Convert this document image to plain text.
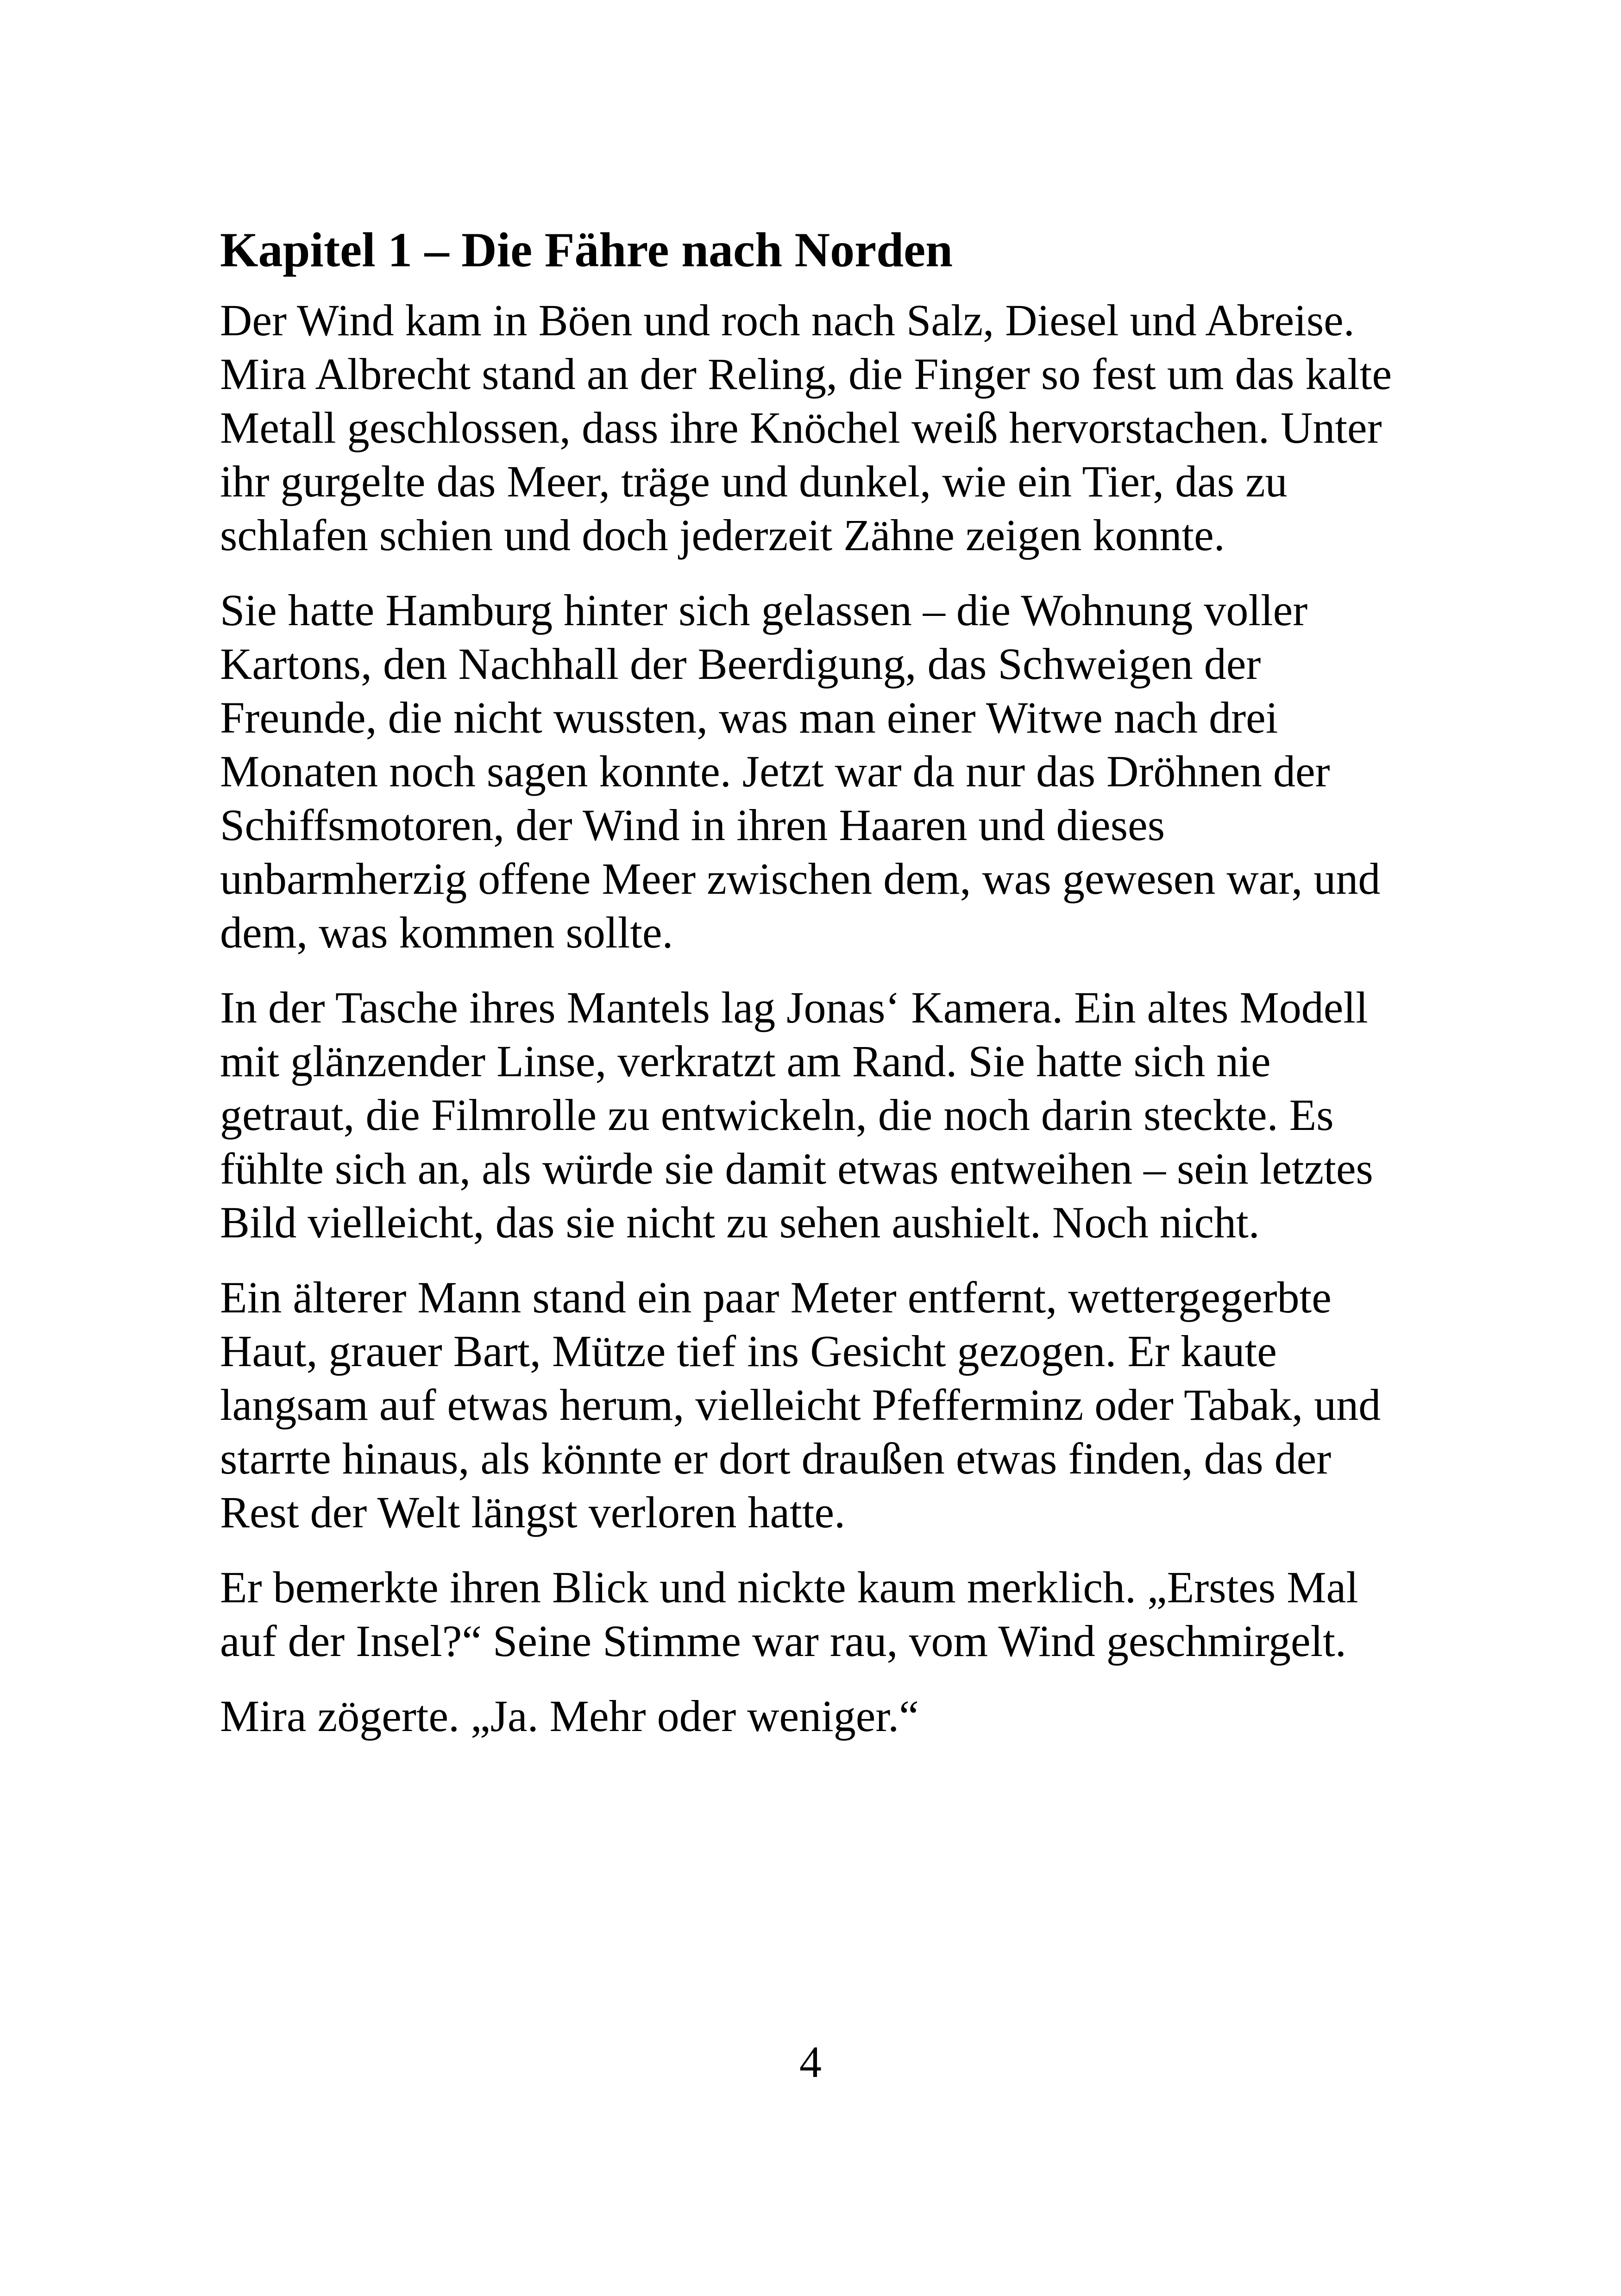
Kapitel 1 – Die Fähre nach Norden

Der Wind kam in Böen und roch nach Salz, Diesel und Abreise. Mira Albrecht stand an der Reling, die Finger so fest um das kalte Metall geschlossen, dass ihre Knöchel weiß hervorstachen. Unter ihr gurgelte das Meer, träge und dunkel, wie ein Tier, das zu schlafen schien und doch jederzeit Zähne zeigen konnte.

Sie hatte Hamburg hinter sich gelassen – die Wohnung voller Kartons, den Nachhall der Beerdigung, das Schweigen der Freunde, die nicht wussten, was man einer Witwe nach drei Monaten noch sagen konnte. Jetzt war da nur das Dröhnen der Schiffsmotoren, der Wind in ihren Haaren und dieses unbarmherzig offene Meer zwischen dem, was gewesen war, und dem, was kommen sollte.

In der Tasche ihres Mantels lag Jonas‘ Kamera. Ein altes Modell mit glänzender Linse, verkratzt am Rand. Sie hatte sich nie getraut, die Filmrolle zu entwickeln, die noch darin steckte. Es fühlte sich an, als würde sie damit etwas entweihen – sein letztes Bild vielleicht, das sie nicht zu sehen aushielt. Noch nicht.

Ein älterer Mann stand ein paar Meter entfernt, wettergegerbte Haut, grauer Bart, Mütze tief ins Gesicht gezogen. Er kaute langsam auf etwas herum, vielleicht Pfefferminz oder Tabak, und starrte hinaus, als könnte er dort draußen etwas finden, das der Rest der Welt längst verloren hatte.

Er bemerkte ihren Blick und nickte kaum merklich. „Erstes Mal auf der Insel?“ Seine Stimme war rau, vom Wind geschmirgelt.

Mira zögerte. „Ja. Mehr oder weniger.“

4
